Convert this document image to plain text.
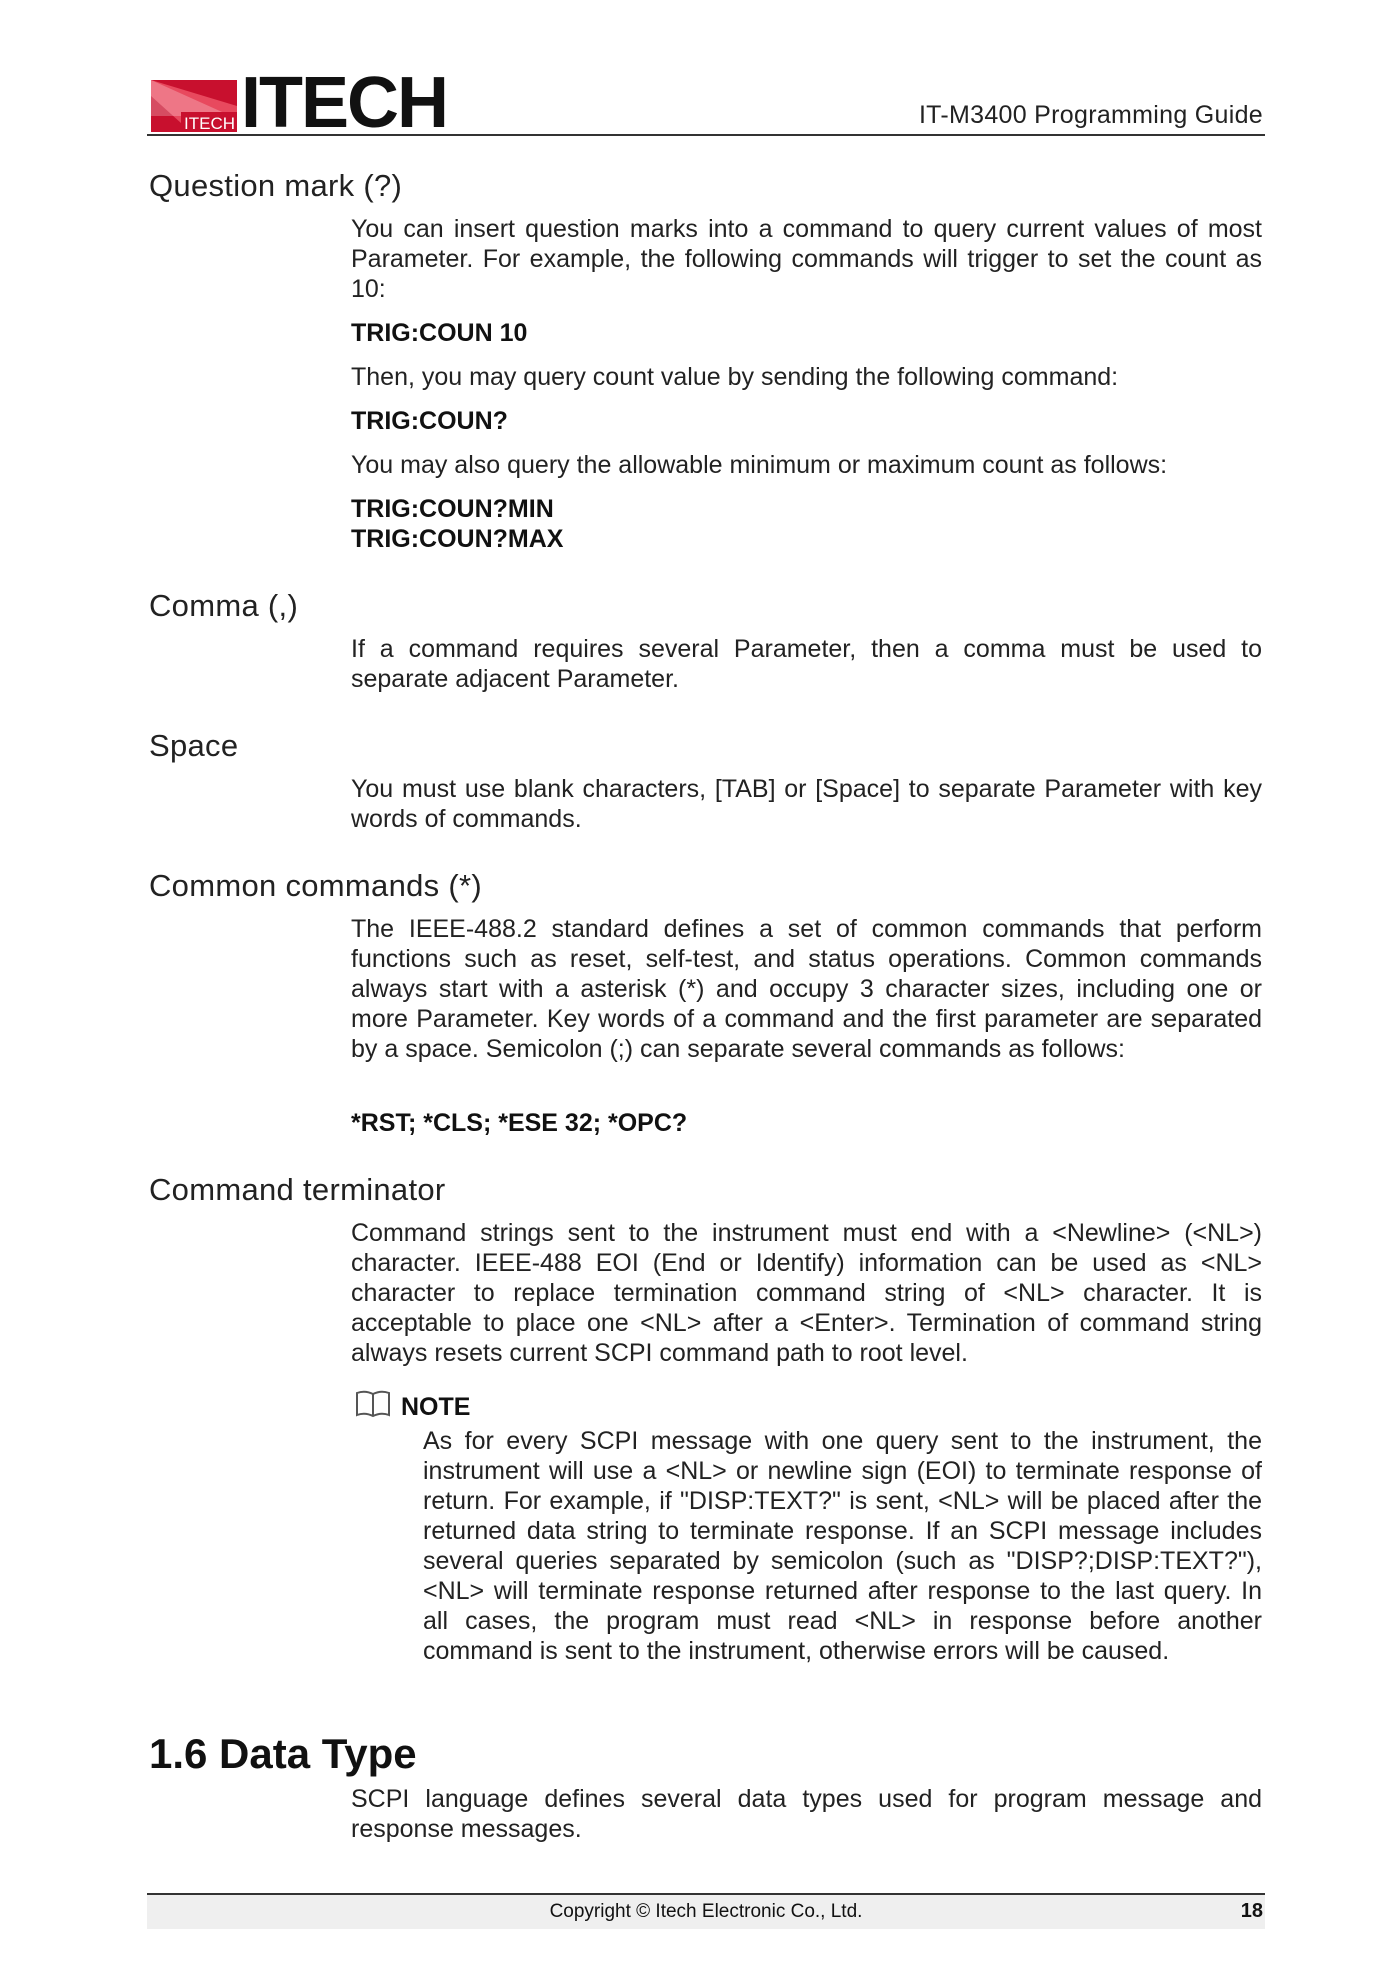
ITECH ITECH	IT-M3400 Programming Guide
Question mark (?)
You can insert question marks into a command to query current values of most Parameter. For example, the following commands will trigger to set the count as 10:
TRIG:COUN 10
Then, you may query count value by sending the following command:
TRIG:COUN?
You may also query the allowable minimum or maximum count as follows:
TRIG:COUN?MIN
TRIG:COUN?MAX
Comma (,)
If a command requires several Parameter, then a comma must be used to separate adjacent Parameter.
Space
You must use blank characters, [TAB] or [Space] to separate Parameter with key words of commands.
Common commands (*)
The IEEE-488.2 standard defines a set of common commands that perform functions such as reset, self-test, and status operations. Common commands always start with a asterisk (*) and occupy 3 character sizes, including one or more Parameter. Key words of a command and the first parameter are separated by a space. Semicolon (;) can separate several commands as follows:
*RST; *CLS; *ESE 32; *OPC?
Command terminator
Command strings sent to the instrument must end with a <Newline> (<NL>) character. IEEE-488 EOI (End or Identify) information can be used as <NL> character to replace termination command string of <NL> character. It is acceptable to place one <NL> after a <Enter>. Termination of command string always resets current SCPI command path to root level.
NOTE
As for every SCPI message with one query sent to the instrument, the instrument will use a <NL> or newline sign (EOI) to terminate response of return. For example, if "DISP:TEXT?" is sent, <NL> will be placed after the returned data string to terminate response. If an SCPI message includes several queries separated by semicolon (such as "DISP?;DISP:TEXT?"), <NL> will terminate response returned after response to the last query. In all cases, the program must read <NL> in response before another command is sent to the instrument, otherwise errors will be caused.
1.6 Data Type
SCPI language defines several data types used for program message and response messages.
Copyright © Itech Electronic Co., Ltd.	18
